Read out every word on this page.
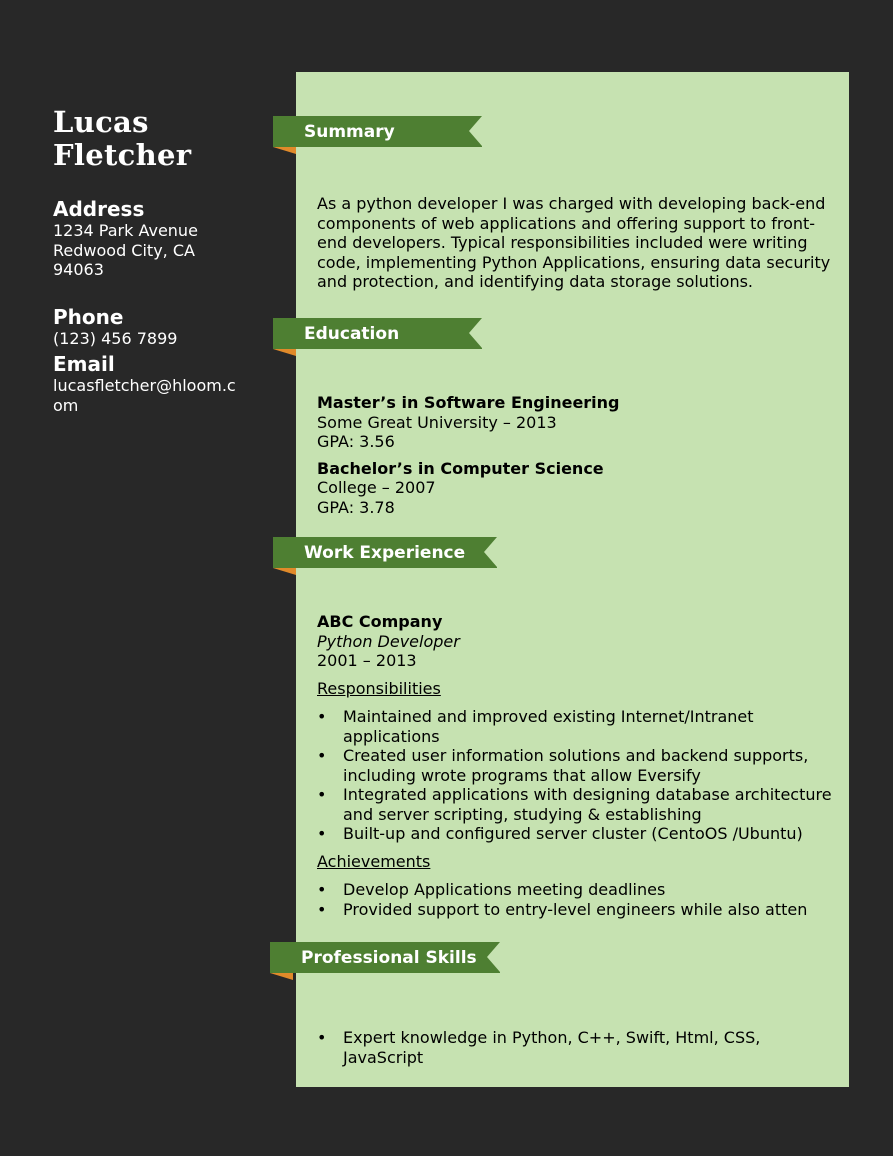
Lucas
Fletcher
Address
1234 Park Avenue
Redwood City, CA
94063
Phone
(123) 456 7899
Email
lucasfletcher@hloom.com
Summary

As a python developer I was charged with developing back-end components of web applications and offering support to front-end developers. Typical responsibilities included were writing code, implementing Python Applications, ensuring data security and protection, and identifying data storage solutions.

Education

Master’s in Software Engineering

Some Great University – 2013

GPA: 3.56

Bachelor’s in Computer Science

College – 2007

GPA: 3.78

Work Experience

ABC Company

Python Developer

2001 – 2013

Responsibilities

• Maintained and improved existing Internet/Intranet applications
• Created user information solutions and backend supports, including wrote programs that allow Eversify
• Integrated applications with designing database architecture and server scripting, studying & establishing
• Built-up and configured server cluster (CentoOS /Ubuntu)

Achievements

• Develop Applications meeting deadlines
• Provided support to entry-level engineers while also atten
Professional Skills
• Expert knowledge in Python, C++, Swift, Html, CSS, JavaScript
